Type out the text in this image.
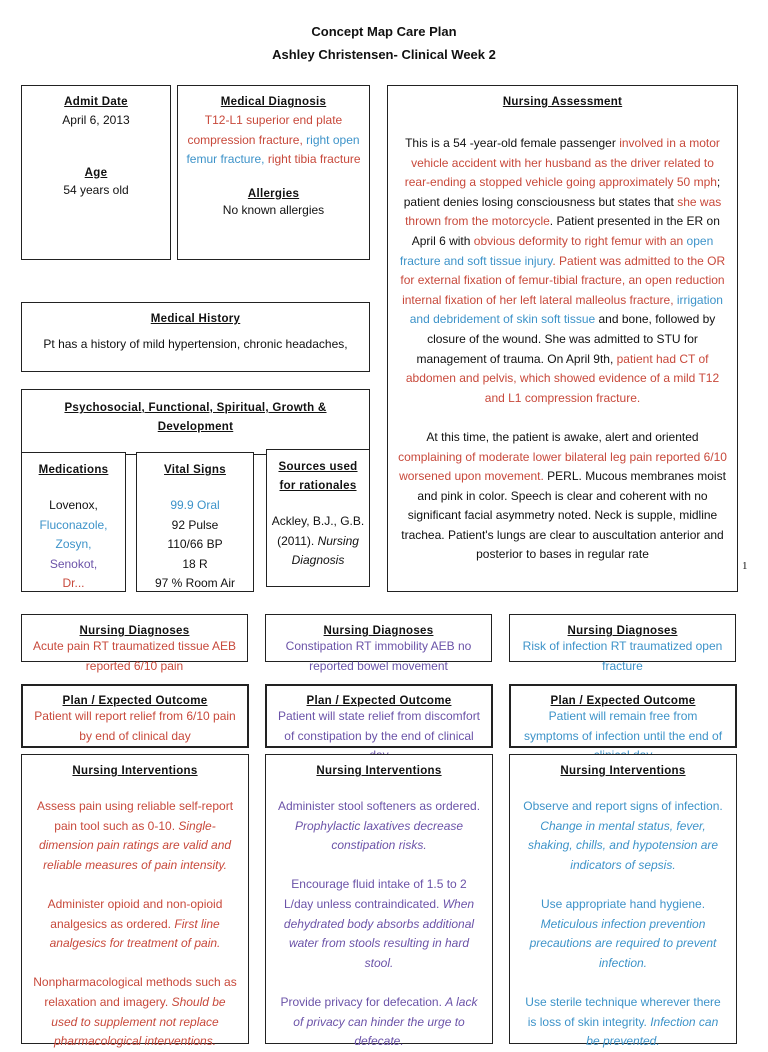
Concept Map Care Plan
Ashley Christensen- Clinical Week 2
Admit Date
April 6, 2013
Age
54 years old
Medical Diagnosis
T12-L1 superior end plate compression fracture, right open femur fracture, right tibia fracture
Allergies
No known allergies
Medical History
Pt has a history of mild hypertension, chronic headaches,
Psychosocial, Functional, Spiritual, Growth & Development
Medications
Lovenox,
Fluconazole,
Zosyn,
Senokot,
Dr...
Vital Signs
99.9 Oral
92 Pulse
110/66 BP
18 R
97 % Room Air
Sources used for rationales
Ackley, B.J., G.B. (2011). Nursing Diagnosis
Nursing Assessment

This is a 54 -year-old female passenger involved in a motor vehicle accident with her husband as the driver related to rear-ending a stopped vehicle going approximately 50 mph; patient denies losing consciousness but states that she was thrown from the motorcycle. Patient presented in the ER on April 6 with obvious deformity to right femur with an open fracture and soft tissue injury. Patient was admitted to the OR for external fixation of femur-tibial fracture, an open reduction internal fixation of her left lateral malleolus fracture, irrigation and debridement of skin soft tissue and bone, followed by closure of the wound. She was admitted to STU for management of trauma. On April 9th, patient had CT of abdomen and pelvis, which showed evidence of a mild T12 and L1 compression fracture.

At this time, the patient is awake, alert and oriented complaining of moderate lower bilateral leg pain reported 6/10 worsened upon movement. PERL. Mucous membranes moist and pink in color. Speech is clear and coherent with no significant facial asymmetry noted. Neck is supple, midline trachea. Patient's lungs are clear to auscultation anterior and posterior to bases in regular rate

1
Nursing Diagnoses
Acute pain RT traumatized tissue AEB reported 6/10 pain
Plan / Expected Outcome
Patient will report relief from 6/10 pain by end of clinical day
Nursing Interventions
Assess pain using reliable self-report pain tool such as 0-10. Single-dimension pain ratings are valid and reliable measures of pain intensity.
Administer opioid and non-opioid analgesics as ordered. First line analgesics for treatment of pain.
Nonpharmacological methods such as relaxation and imagery. Should be used to supplement not replace pharmacological interventions.
Nursing Diagnoses
Constipation RT immobility AEB no reported bowel movement
Plan / Expected Outcome
Patient will state relief from discomfort of constipation by the end of clinical
Nursing Interventions
Administer stool softeners as ordered. Prophylactic laxatives decrease constipation risks.
Encourage fluid intake of 1.5 to 2 L/day unless contraindicated. When dehydrated body absorbs additional water from stools resulting in hard stool.
Provide privacy for defecation. A lack of privacy can hinder the urge to defecate.
Nursing Diagnoses
Risk of infection RT traumatized open fracture
Plan / Expected Outcome
Patient will remain free from symptoms of infection until the end of
Nursing Interventions
Observe and report signs of infection. Change in mental status, fever, shaking, chills, and hypotension are indicators of sepsis.
Use appropriate hand hygiene. Meticulous infection prevention precautions are required to prevent infection.
Use sterile technique wherever there is loss of skin integrity. Infection can be prevented.
